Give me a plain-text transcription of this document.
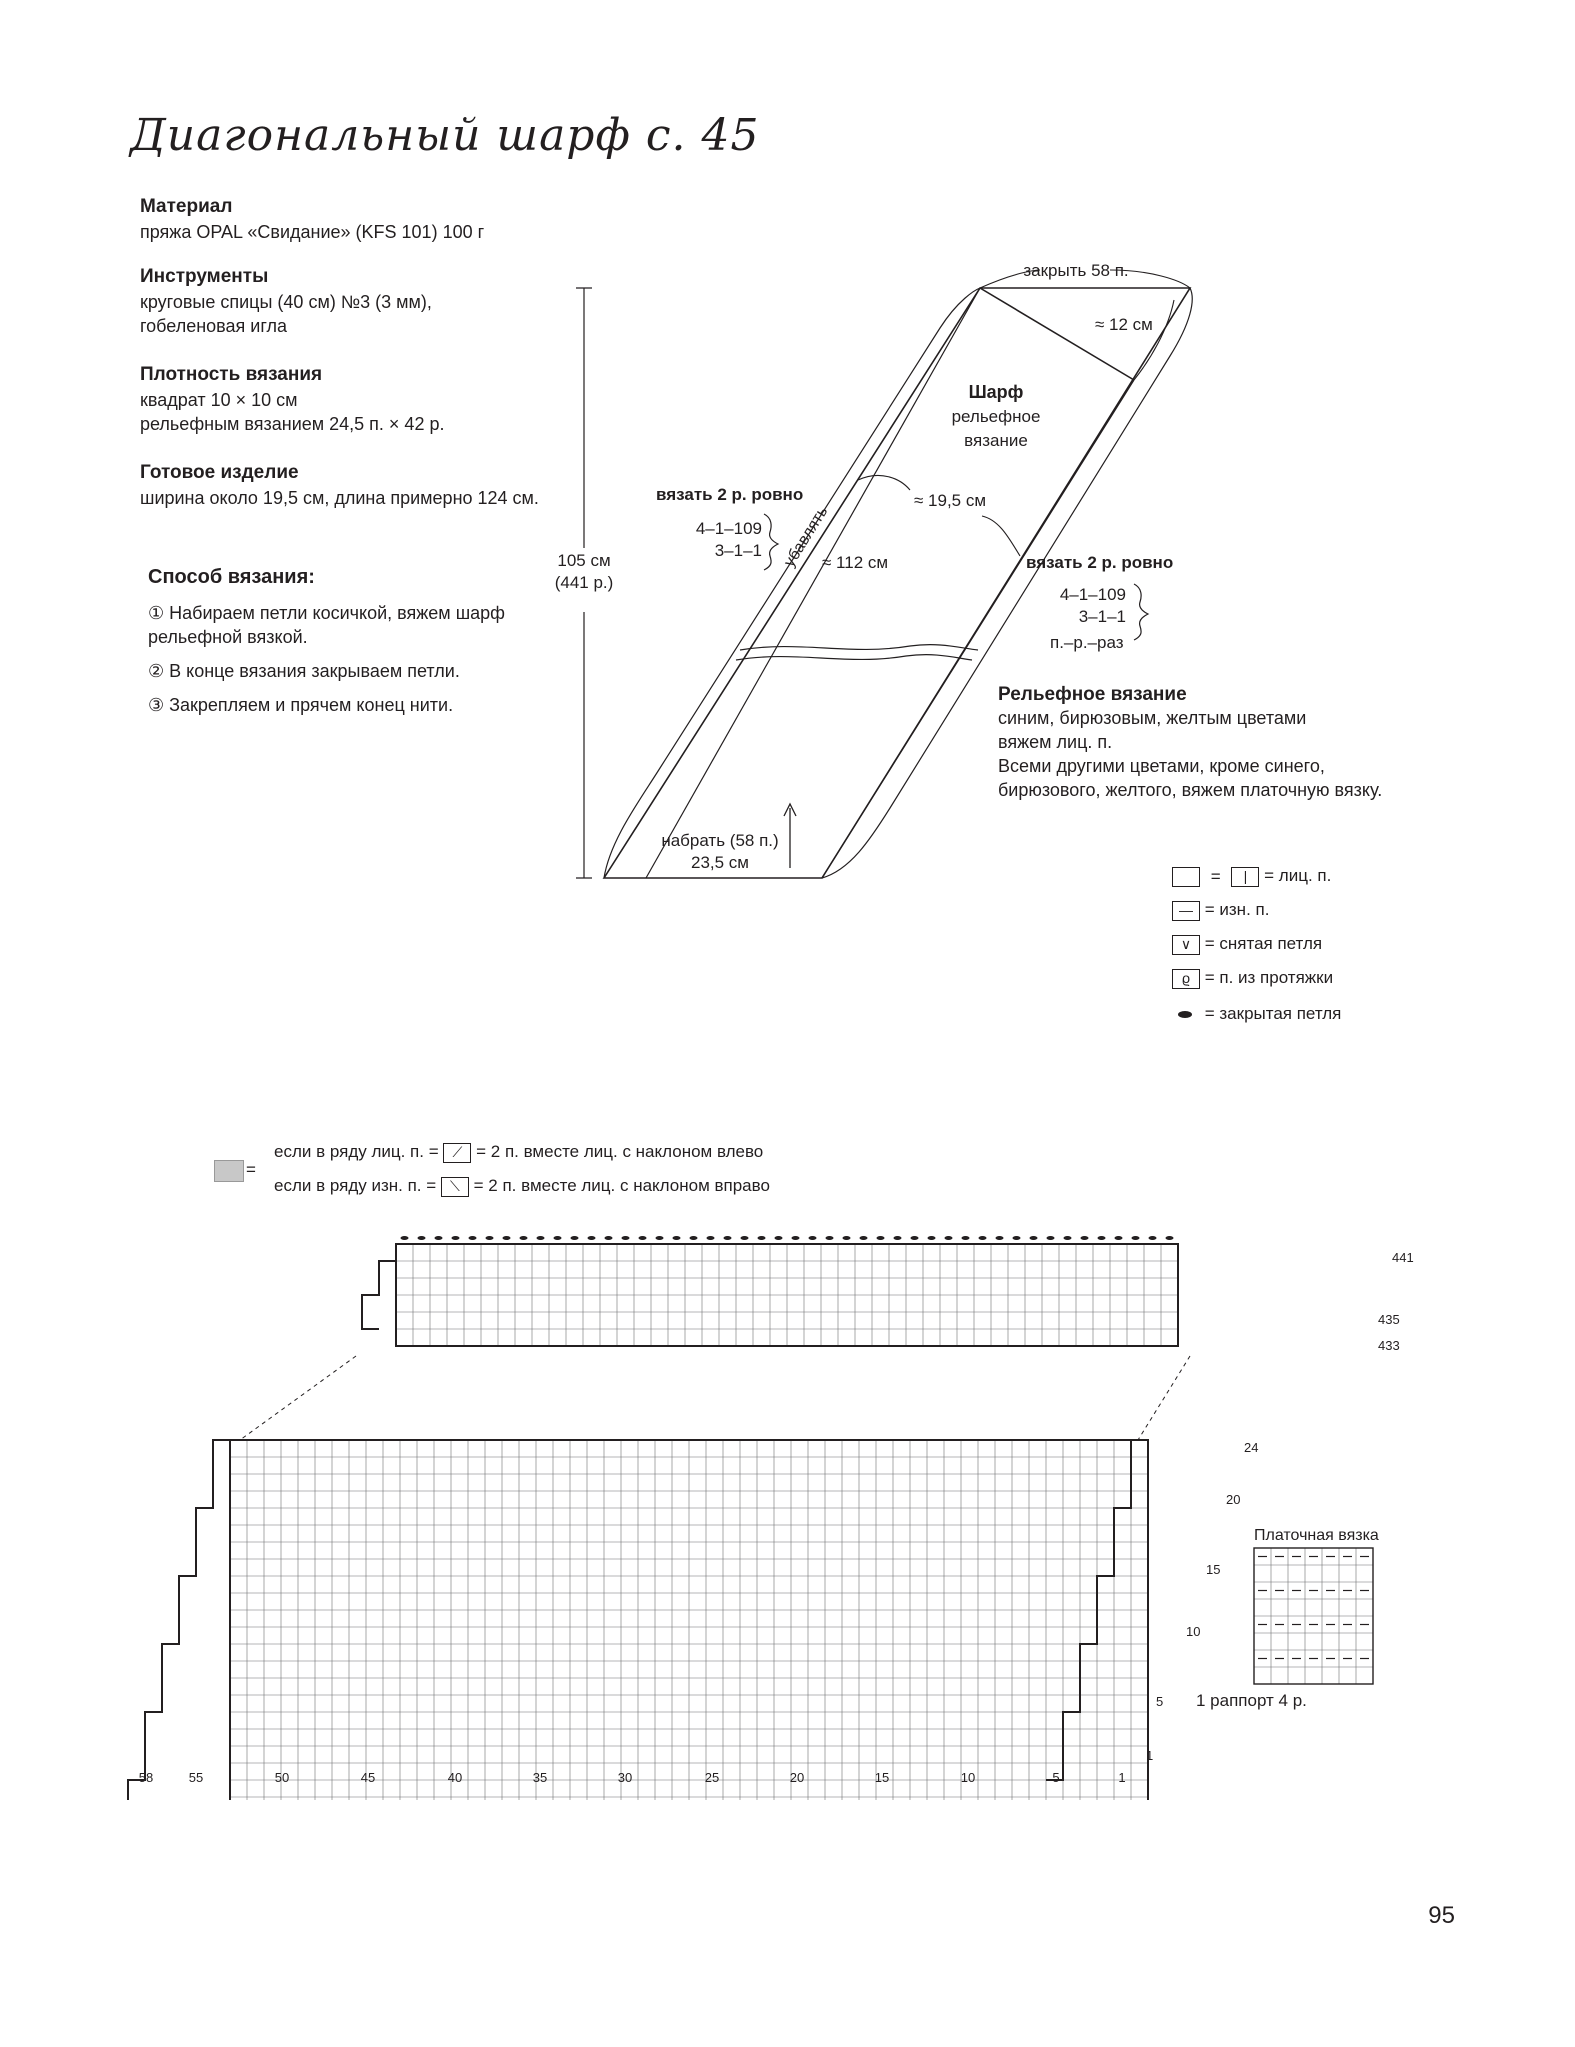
Диагональный шарф с. 45
Материал
пряжа OPAL «Свидание» (KFS 101) 100 г
Инструменты
круговые спицы (40 см) №3 (3 мм),
гобеленовая игла
Плотность вязания
квадрат 10 × 10 см
рельефным вязанием 24,5 п. × 42 р.
Готовое изделие
ширина около 19,5 см, длина примерно 124 см.
Способ вязания:
① Набираем петли косичкой, вяжем шарф рельефной вязкой.
② В конце вязания закрываем петли.
③ Закрепляем и прячем конец нити.
105 см
(441 р.)
закрыть 58 п.
≈ 12 см
Шарф
рельефное
вязание
вязать 2 р. ровно
4–1–109
3–1–1 убавлять
≈ 19,5 см
≈ 112 см	вязать 2 р. ровно
4–1–109
3–1–1
п.–р.–раз
набрать (58 п.)
23,5 см
Рельефное вязание
синим, бирюзовым, желтым цветами
вяжем лиц. п.
Всеми другими цветами, кроме синего,
бирюзового, желтого, вяжем платочную вязку.
= | = лиц. п.
— = изн. п.
∨ = снятая петля
ϱ = п. из протяжки
= закрытая петля
=
если в ряду лиц. п. = ⟋ = 2 п. вместе лиц. с наклоном влево
если в ряду изн. п. = ⟍ = 2 п. вместе лиц. с наклоном вправо
441
435
433
24
20
15
10
5
1
1 раппорт 4 р.
Платочная вязка
58	55	50	45	40	35	30	25	20	15	10	5	1
95
